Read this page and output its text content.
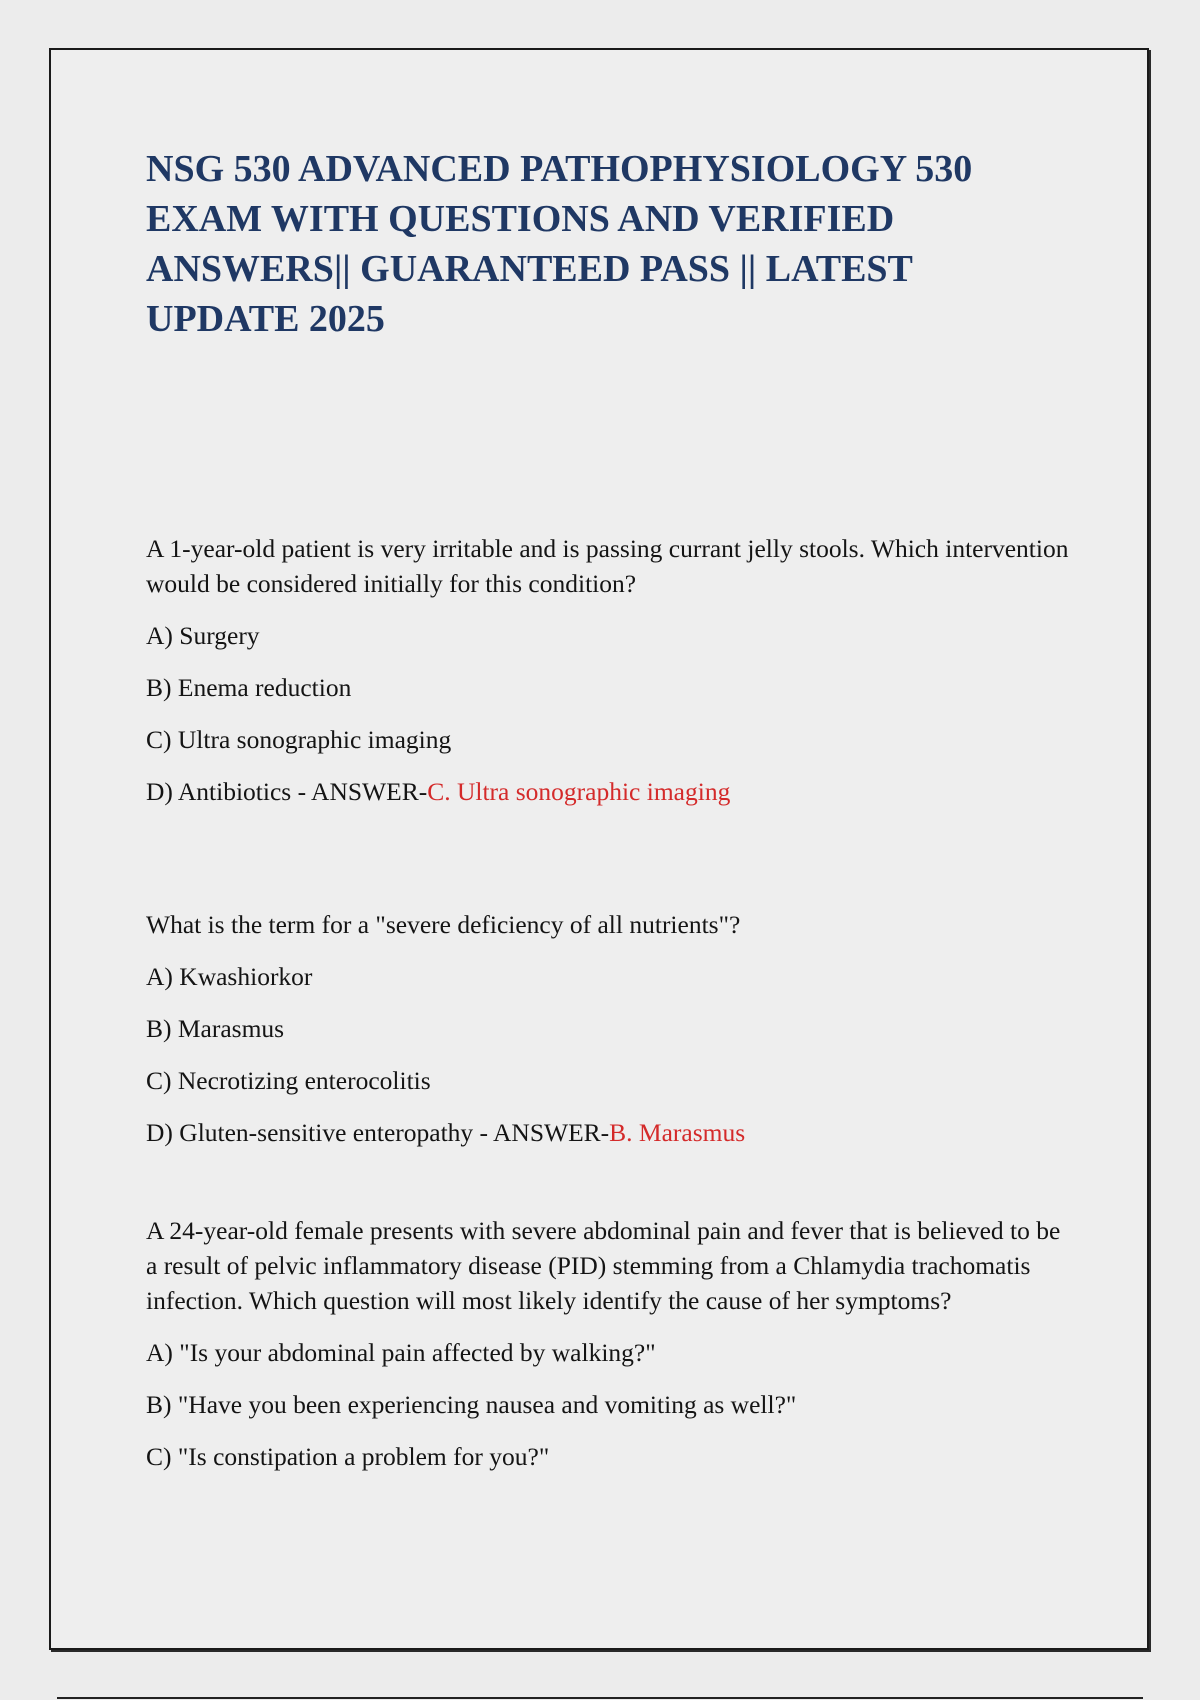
NSG 530 ADVANCED PATHOPHYSIOLOGY 530 EXAM WITH QUESTIONS AND VERIFIED ANSWERS|| GUARANTEED PASS || LATEST UPDATE 2025

A 1-year-old patient is very irritable and is passing currant jelly stools. Which intervention would be considered initially for this condition?

A) Surgery

B) Enema reduction

C) Ultra sonographic imaging

D) Antibiotics - ANSWER-C. Ultra sonographic imaging

What is the term for a "severe deficiency of all nutrients"?

A) Kwashiorkor

B) Marasmus

C) Necrotizing enterocolitis

D) Gluten-sensitive enteropathy - ANSWER-B. Marasmus

A 24-year-old female presents with severe abdominal pain and fever that is believed to be a result of pelvic inflammatory disease (PID) stemming from a Chlamydia trachomatis infection. Which question will most likely identify the cause of her symptoms?

A) "Is your abdominal pain affected by walking?"

B) "Have you been experiencing nausea and vomiting as well?"

C) "Is constipation a problem for you?"
